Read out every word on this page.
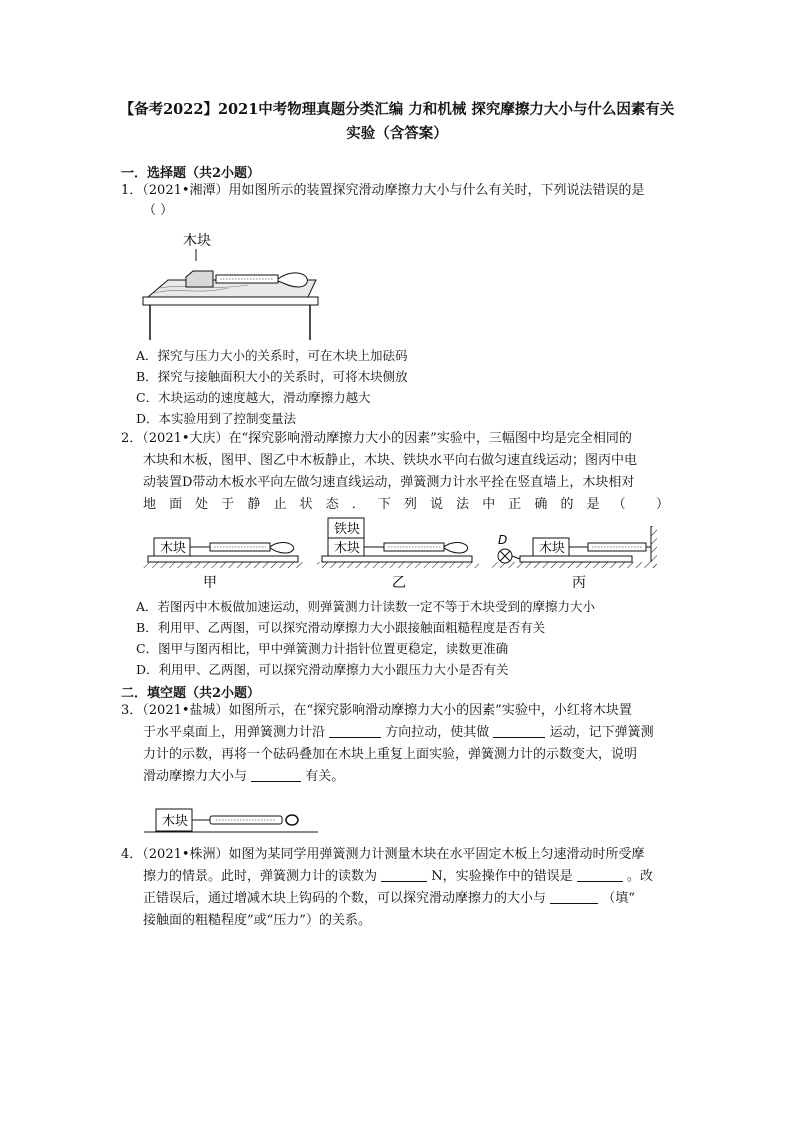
【备考2022】2021中考物理真题分类汇编 力和机械 探究摩擦力大小与什么因素有关
实验（含答案）
一．选择题（共2小题）
1．（2021•湘潭）用如图所示的装置探究滑动摩擦力大小与什么有关时，下列说法错误的是
（ ）
木块
A．探究与压力大小的关系时，可在木块上加砝码
B．探究与接触面积大小的关系时，可将木块侧放
C．木块运动的速度越大，滑动摩擦力越大
D．本实验用到了控制变量法
2．（2021•大庆）在“探究影响滑动摩擦力大小的因素”实验中，三幅图中均是完全相同的
木块和木板，图甲、图乙中木板静止，木块、铁块水平向右做匀速直线运动；图丙中电
动装置D带动木板水平向左做匀速直线运动，弹簧测力计水平拴在竖直墙上，木块相对
地面处于静止状态．下列说法中正确的是（ ）
木块
甲
铁块
木块
乙
D
木块
丙
A．若图丙中木板做加速运动，则弹簧测力计读数一定不等于木块受到的摩擦力大小
B．利用甲、乙两图，可以探究滑动摩擦力大小跟接触面粗糙程度是否有关
C．图甲与图丙相比，甲中弹簧测力计指针位置更稳定，读数更准确
D．利用甲、乙两图，可以探究滑动摩擦力大小跟压力大小是否有关
二．填空题（共2小题）
3．（2021•盐城）如图所示，在“探究影响滑动摩擦力大小的因素”实验中，小红将木块置
于水平桌面上，用弹簧测力计沿	方向拉动，使其做	运动，记下弹簧测
力计的示数，再将一个砝码叠加在木块上重复上面实验，弹簧测力计的示数变大，说明
滑动摩擦力大小与	有关。
木块
4．（2021•株洲）如图为某同学用弹簧测力计测量木块在水平固定木板上匀速滑动时所受摩
擦力的情景。此时，弹簧测力计的读数为	N，实验操作中的错误是	。改
正错误后，通过增减木块上钩码的个数，可以探究滑动摩擦力的大小与	（填“
接触面的粗糙程度”或“压力”）的关系。
